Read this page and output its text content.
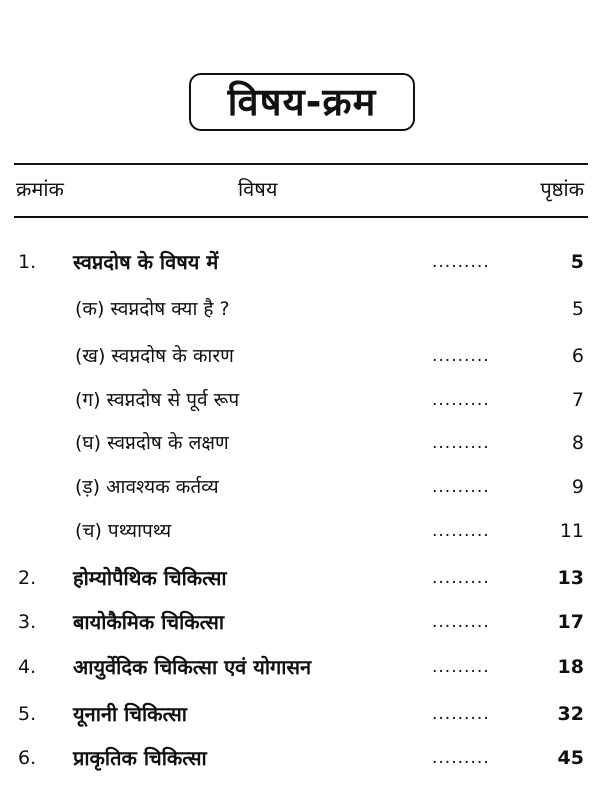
विषय-क्रम
क्रमांक	विषय	पृष्ठांक
1. स्वप्नदोष के विषय में	.........	5
(क) स्वप्नदोष क्या है ?	5
(ख) स्वप्नदोष के कारण	.........	6
(ग) स्वप्नदोष से पूर्व रूप	.........	7
(घ) स्वप्नदोष के लक्षण	.........	8
(ड़) आवश्यक कर्तव्य	.........	9
(च) पथ्यापथ्य	.........	11
2. होम्योपैथिक चिकित्सा	.........	13
3. बायोकैमिक चिकित्सा	.........	17
4. आयुर्वेदिक चिकित्सा एवं योगासन	.........	18
5. यूनानी चिकित्सा	.........	32
6. प्राकृतिक चिकित्सा	.........	45
